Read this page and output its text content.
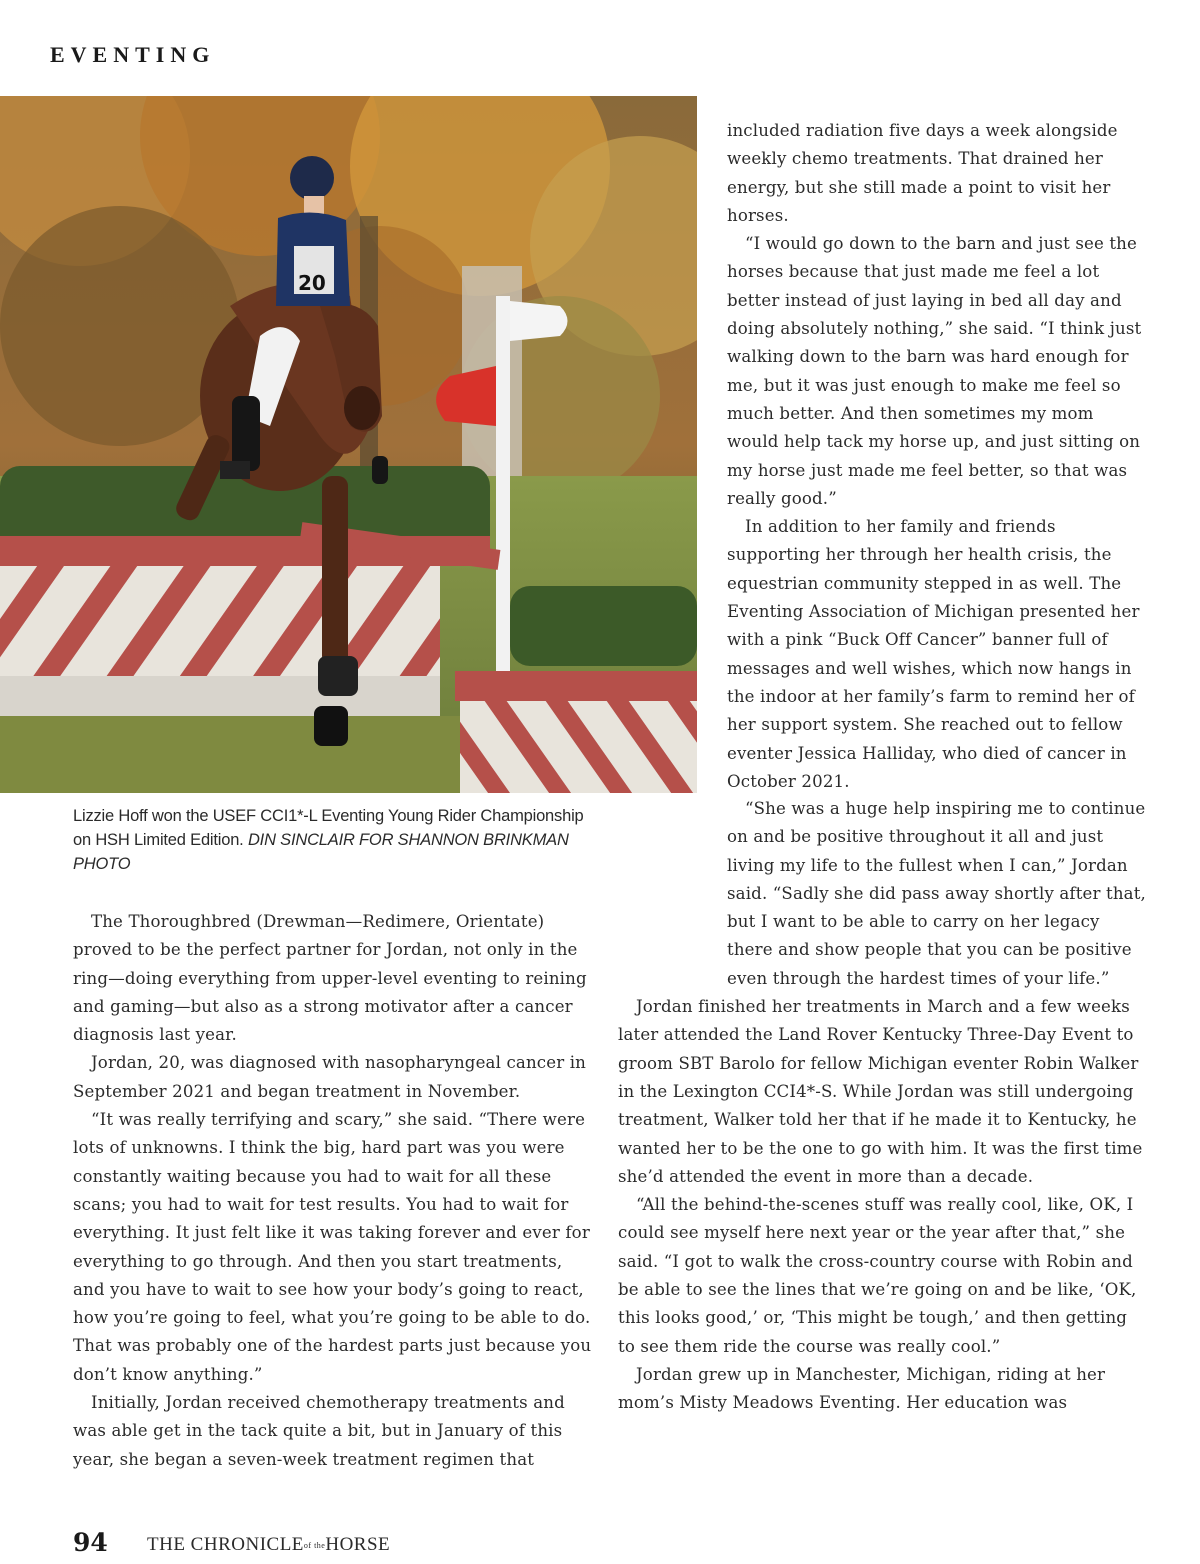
EVENTING
20
Lizzie Hoff won the USEF CCI1*-L Eventing Young Rider Championship on HSH Limited Edition. DIN SINCLAIR FOR SHANNON BRINKMAN PHOTO

included radiation five days a week alongside weekly chemo treatments. That drained her energy, but she still made a point to visit her horses.

“I would go down to the barn and just see the horses because that just made me feel a lot better instead of just laying in bed all day and doing absolutely nothing,” she said. “I think just walking down to the barn was hard enough for me, but it was just enough to make me feel so much better. And then sometimes my mom would help tack my horse up, and just sitting on my horse just made me feel better, so that was really good.”

In addition to her family and friends supporting her through her health crisis, the equestrian community stepped in as well. The Eventing Association of Michigan presented her with a pink “Buck Off Cancer” banner full of messages and well wishes, which now hangs in the indoor at her family’s farm to remind her of her support system. She reached out to fellow eventer Jessica Halliday, who died of cancer in October 2021.

“She was a huge help inspiring me to continue on and be positive throughout it all and just living my life to the fullest when I can,” Jordan said. “Sadly she did pass away shortly after that, but I want to be able to carry on her legacy there and show people that you can be positive even through the hardest times of your life.”

Jordan finished her treatments in March and a few weeks later attended the Land Rover Kentucky Three-Day Event to groom SBT Barolo for fellow Michigan eventer Robin Walker in the Lexington CCI4*-S. While Jordan was still undergoing treatment, Walker told her that if he made it to Kentucky, he wanted her to be the one to go with him. It was the first time she’d attended the event in more than a decade.

“All the behind-the-scenes stuff was really cool, like, OK, I could see myself here next year or the year after that,” she said. “I got to walk the cross-country course with Robin and be able to see the lines that we’re going on and be like, ‘OK, this looks good,’ or, ‘This might be tough,’ and then getting to see them ride the course was really cool.”

Jordan grew up in Manchester, Michigan, riding at her mom’s Misty Meadows Eventing. Her education was

The Thoroughbred (Drewman—Redimere, Orientate) proved to be the perfect partner for Jordan, not only in the ring—doing everything from upper-level eventing to reining and gaming—but also as a strong motivator after a cancer diagnosis last year.

Jordan, 20, was diagnosed with nasopharyngeal cancer in September 2021 and began treatment in November.

“It was really terrifying and scary,” she said. “There were lots of unknowns. I think the big, hard part was you were constantly waiting because you had to wait for all these scans; you had to wait for test results. You had to wait for everything. It just felt like it was taking forever and ever for everything to go through. And then you start treatments, and you have to wait to see how your body’s going to react, how you’re going to feel, what you’re going to be able to do. That was probably one of the hardest parts just because you don’t know anything.”

Initially, Jordan received chemotherapy treatments and was able get in the tack quite a bit, but in January of this year, she began a seven-week treatment regimen that

94 THE CHRONICLEof theHORSE
